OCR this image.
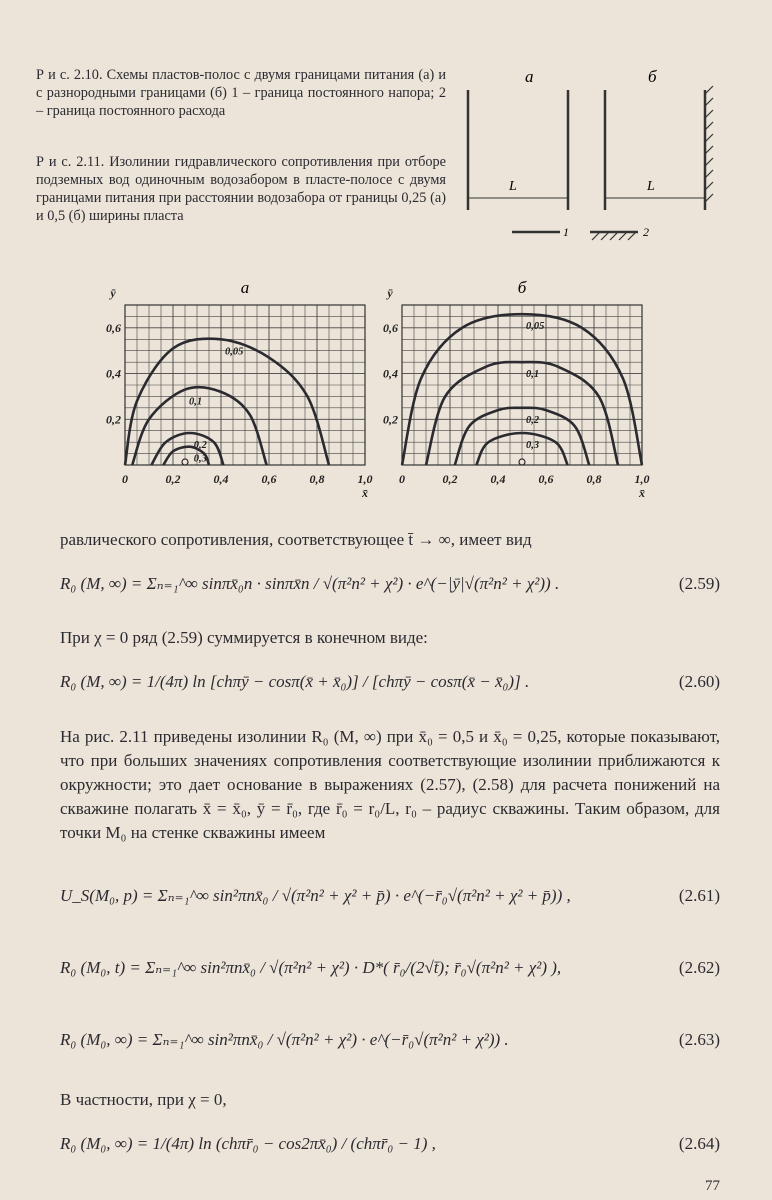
Р и с. 2.10. Схемы пластов-полос с двумя границами питания (а) и с разнородными границами (б) 1 – граница постоянного напора; 2 – граница постоянного расхода
Р и с. 2.11. Изолинии гидравлического сопротивления при отборе подземных вод одиночным водозабором в пласте-полосе с двумя границами питания при расстоянии водозабора от границы 0,25 (а) и 0,5 (б) ширины пласта
а	б
L	L
1	2
а
0	0,2	0,4	0,6	0,8	1,0
0,2
0,4
0,6
ӯ
x̄
0,05
0,1
0,2
0,3
б
0	0,2	0,4	0,6	0,8	1,0
0,2
0,4
0,6
ӯ
x̄
0,05
0,1
0,2
0,3
равлического сопротивления, соответствующее t̄ → ∞, имеет вид
R₀ (M, ∞) = Σₙ₌₁^∞ sinπx̄₀n · sinπx̄n / √(π²n² + χ²) · e^(−|ȳ|√(π²n² + χ²)) .	(2.59)
При χ = 0 ряд (2.59) суммируется в конечном виде:
R₀ (M, ∞) = 1/(4π) ln [chπȳ − cosπ(x̄ + x̄₀)] / [chπȳ − cosπ(x̄ − x̄₀)] .	(2.60)
На рис. 2.11 приведены изолинии R₀ (M, ∞) при x̄₀ = 0,5 и x̄₀ = 0,25, которые показывают, что при больших значениях сопротивления соответствующие изолинии приближаются к окружности; это дает основание в выражениях (2.57), (2.58) для расчета понижений на скважине полагать x̄ = x̄₀, ȳ = r̄₀, где r̄₀ = r₀/L, r₀ – радиус скважины. Таким образом, для точки M₀ на стенке скважины имеем
U_S(M₀, p) = Σₙ₌₁^∞ sin²πnx̄₀ / √(π²n² + χ² + p̄) · e^(−r̄₀√(π²n² + χ² + p̄)) ,	(2.61)
R₀ (M₀, t) = Σₙ₌₁^∞ sin²πnx̄₀ / √(π²n² + χ²) · D*( r̄₀/(2√t̄); r̄₀√(π²n² + χ²) ),	(2.62)
R₀ (M₀, ∞) = Σₙ₌₁^∞ sin²πnx̄₀ / √(π²n² + χ²) · e^(−r̄₀√(π²n² + χ²)) .	(2.63)
В частности, при χ = 0,
R₀ (M₀, ∞) = 1/(4π) ln (chπr̄₀ − cos2πx̄₀) / (chπr̄₀ − 1) ,	(2.64)
77
